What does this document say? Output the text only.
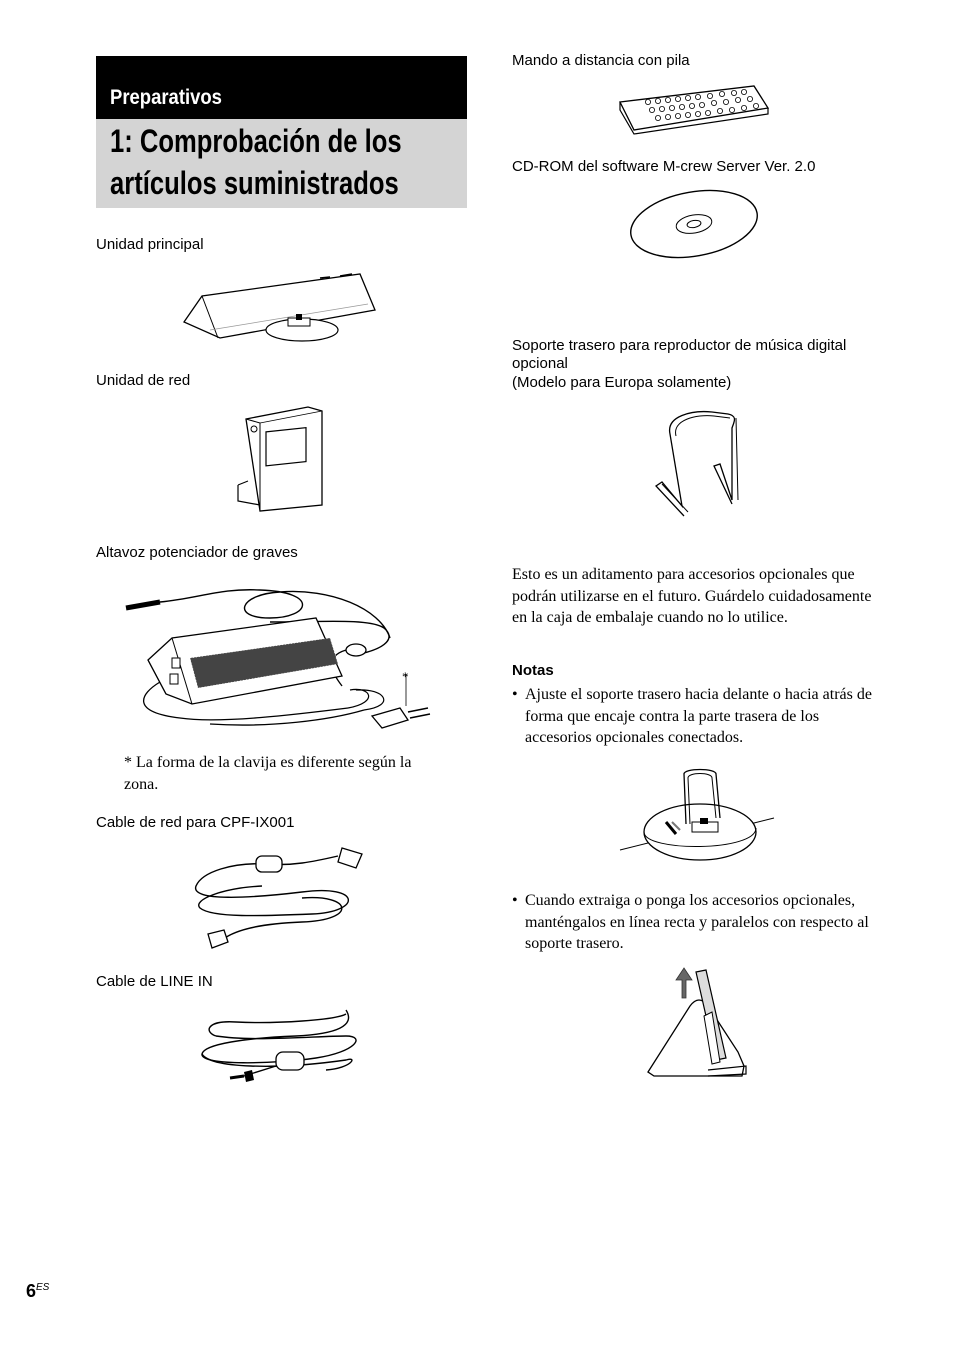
Preparativos
1: Comprobación de los
artículos suministrados
Unidad principal
Unidad de red
Altavoz potenciador de graves
*
* La forma de la clavija es diferente según la zona.
Cable de red para CPF-IX001
Cable de LINE IN
Mando a distancia con pila
CD-ROM del software M-crew Server Ver. 2.0
Soporte trasero para reproductor de música digital
opcional
(Modelo para Europa solamente)
Esto es un aditamento para accesorios opcionales que podrán utilizarse en el futuro. Guárdelo cuidadosamente en la caja de embalaje cuando no lo utilice.
Notas
• Ajuste el soporte trasero hacia delante o hacia atrás de forma que encaje contra la parte trasera de los accesorios opcionales conectados.
• Cuando extraiga o ponga los accesorios opcionales, manténgalos en línea recta y paralelos con respecto al soporte trasero.
$6^{ES}$
